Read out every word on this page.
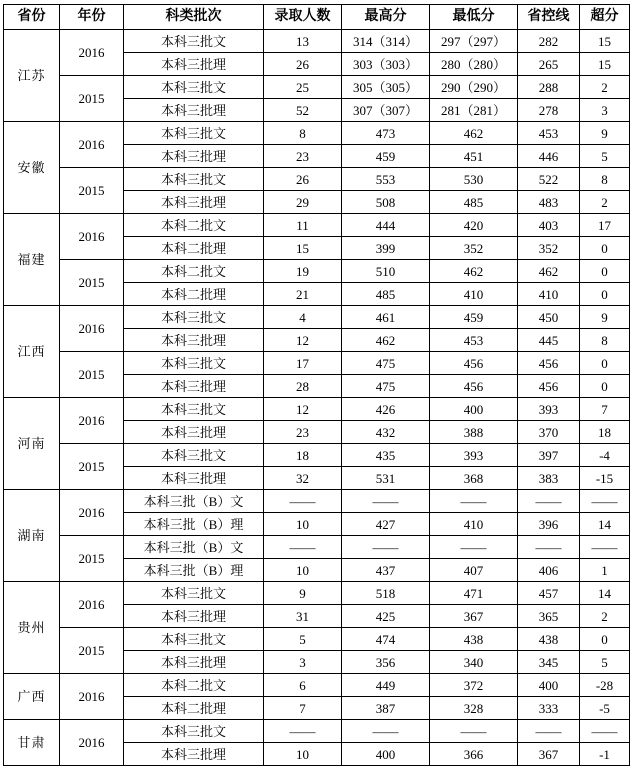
省份	年份	科类批次	录取人数	最高分	最低分	省控线	超分
江苏	2016	本科三批文	13	314（314）	297（297）	282	15
		本科三批理	26	303（303）	280（280）	265	15
	2015	本科三批文	25	305（305）	290（290）	288	2
		本科三批理	52	307（307）	281（281）	278	3
安徽	2016	本科三批文	8	473	462	453	9
		本科三批理	23	459	451	446	5
	2015	本科三批文	26	553	530	522	8
		本科三批理	29	508	485	483	2
福建	2016	本科二批文	11	444	420	403	17
		本科二批理	15	399	352	352	0
	2015	本科二批文	19	510	462	462	0
		本科二批理	21	485	410	410	0
江西	2016	本科三批文	4	461	459	450	9
		本科三批理	12	462	453	445	8
	2015	本科三批文	17	475	456	456	0
		本科三批理	28	475	456	456	0
河南	2016	本科三批文	12	426	400	393	7
		本科三批理	23	432	388	370	18
	2015	本科三批文	18	435	393	397	-4
		本科三批理	32	531	368	383	-15
湖南	2016	本科三批（B）文	——	——	——	——	——
		本科三批（B）理	10	427	410	396	14
	2015	本科三批（B）文	——	——	——	——	——
		本科三批（B）理	10	437	407	406	1
贵州	2016	本科三批文	9	518	471	457	14
		本科三批理	31	425	367	365	2
	2015	本科三批文	5	474	438	438	0
		本科三批理	3	356	340	345	5
广西	2016	本科二批文	6	449	372	400	-28
		本科二批理	7	387	328	333	-5
甘肃	2016	本科三批文	——	——	——	——	——
		本科三批理	10	400	366	367	-1
